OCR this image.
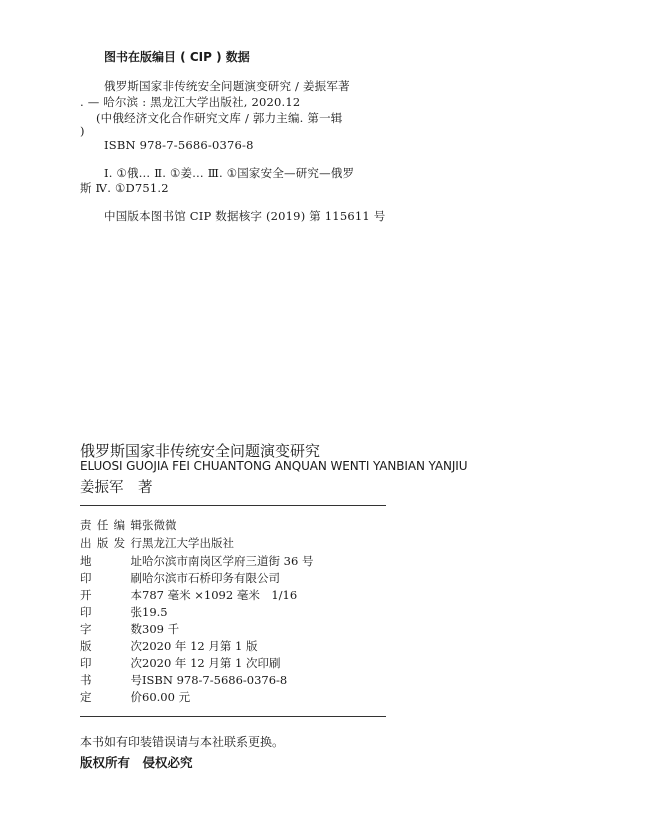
图书在版编目 ( CIP ) 数据
俄罗斯国家非传统安全问题演变研究 / 姜振军著
. — 哈尔滨 : 黑龙江大学出版社, 2020.12
(中俄经济文化合作研究文库 / 郭力主编. 第一辑
)
ISBN 978-7-5686-0376-8
Ⅰ. ①俄… Ⅱ. ①姜… Ⅲ. ①国家安全—研究—俄罗
斯 Ⅳ. ①D751.2
中国版本图书馆 CIP 数据核字 (2019) 第 115611 号
俄罗斯国家非传统安全问题演变研究
ELUOSI GUOJIA FEI CHUANTONG ANQUAN WENTI YANBIAN YANJIU
姜振军　著
责任编辑张微微
出版发行黑龙江大学出版社
地 址哈尔滨市南岗区学府三道街 36 号
印 刷哈尔滨市石桥印务有限公司
开 本787 毫米 ×1092 毫米　1/16
印 张19.5
字 数309 千
版 次2020 年 12 月第 1 版
印 次2020 年 12 月第 1 次印刷
书 号ISBN 978-7-5686-0376-8
定 价60.00 元
本书如有印装错误请与本社联系更换。
版权所有　侵权必究
